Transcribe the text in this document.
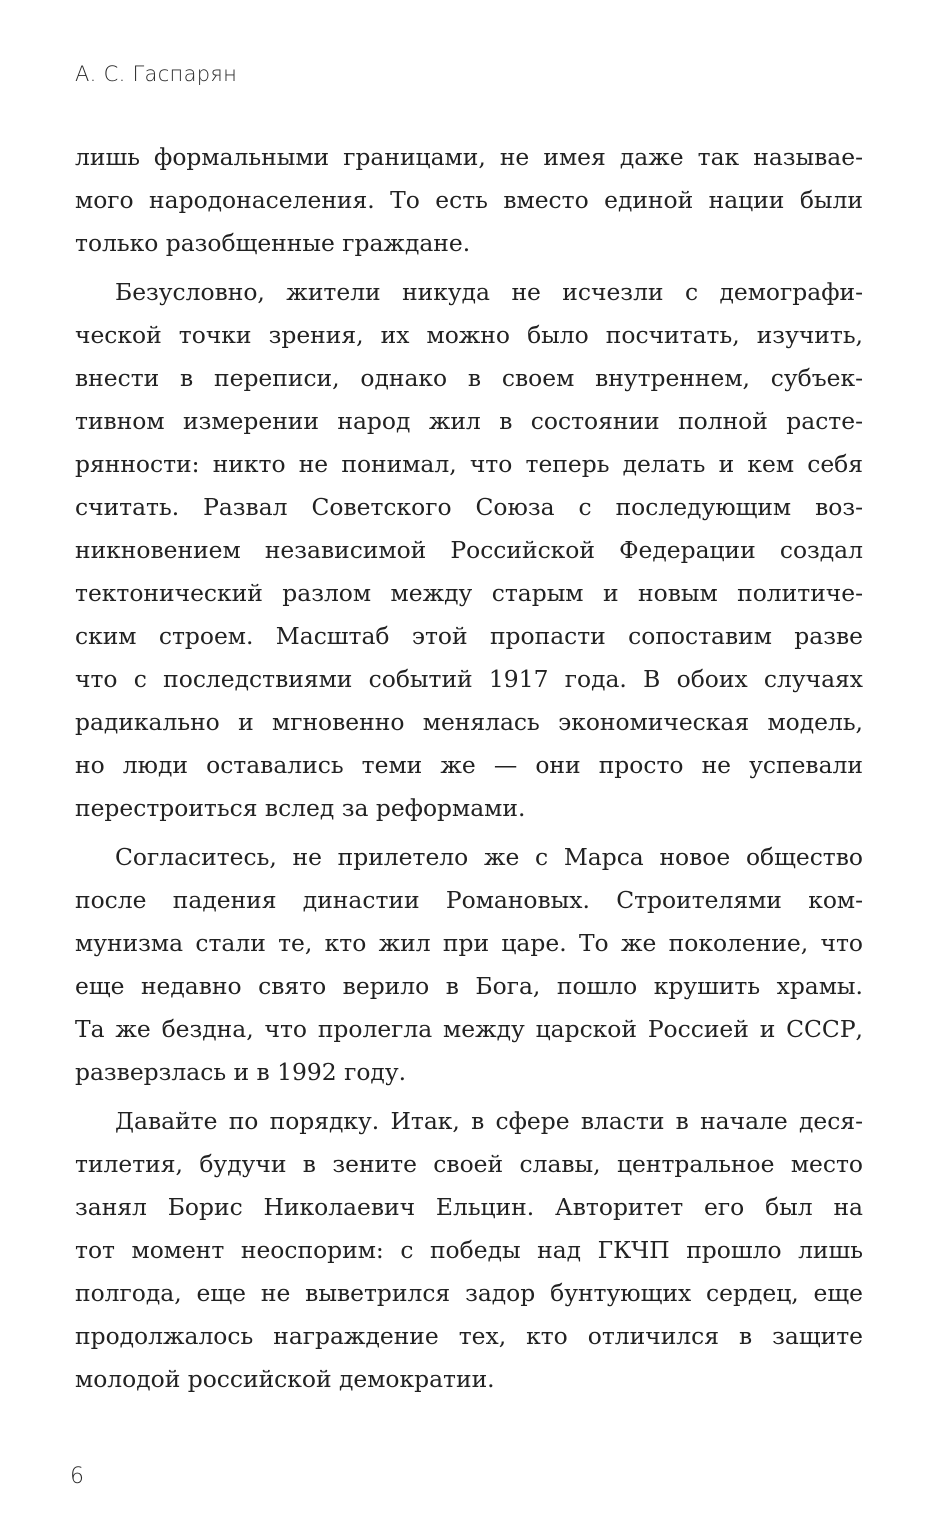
А. С. Гаспарян
лишь формальными границами, не имея даже так называе-
мого народонаселения. То есть вместо единой нации были
только разобщенные граждане.
Безусловно, жители никуда не исчезли с демографи-
ческой точки зрения, их можно было посчитать, изучить,
внести в переписи, однако в своем внутреннем, субъек-
тивном измерении народ жил в состоянии полной расте-
рянности: никто не понимал, что теперь делать и кем себя
считать. Развал Советского Союза с последующим воз-
никновением независимой Российской Федерации создал
тектонический разлом между старым и новым политиче-
ским строем. Масштаб этой пропасти сопоставим разве
что с последствиями событий 1917 года. В обоих случаях
радикально и мгновенно менялась экономическая модель,
но люди оставались теми же — они просто не успевали
перестроиться вслед за реформами.
Согласитесь, не прилетело же с Марса новое общество
после падения династии Романовых. Строителями ком-
мунизма стали те, кто жил при царе. То же поколение, что
еще недавно свято верило в Бога, пошло крушить храмы.
Та же бездна, что пролегла между царской Россией и СССР,
разверзлась и в 1992 году.
Давайте по порядку. Итак, в сфере власти в начале деся-
тилетия, будучи в зените своей славы, центральное место
занял Борис Николаевич Ельцин. Авторитет его был на
тот момент неоспорим: с победы над ГКЧП прошло лишь
полгода, еще не выветрился задор бунтующих сердец, еще
продолжалось награждение тех, кто отличился в защите
молодой российской демократии.
6
